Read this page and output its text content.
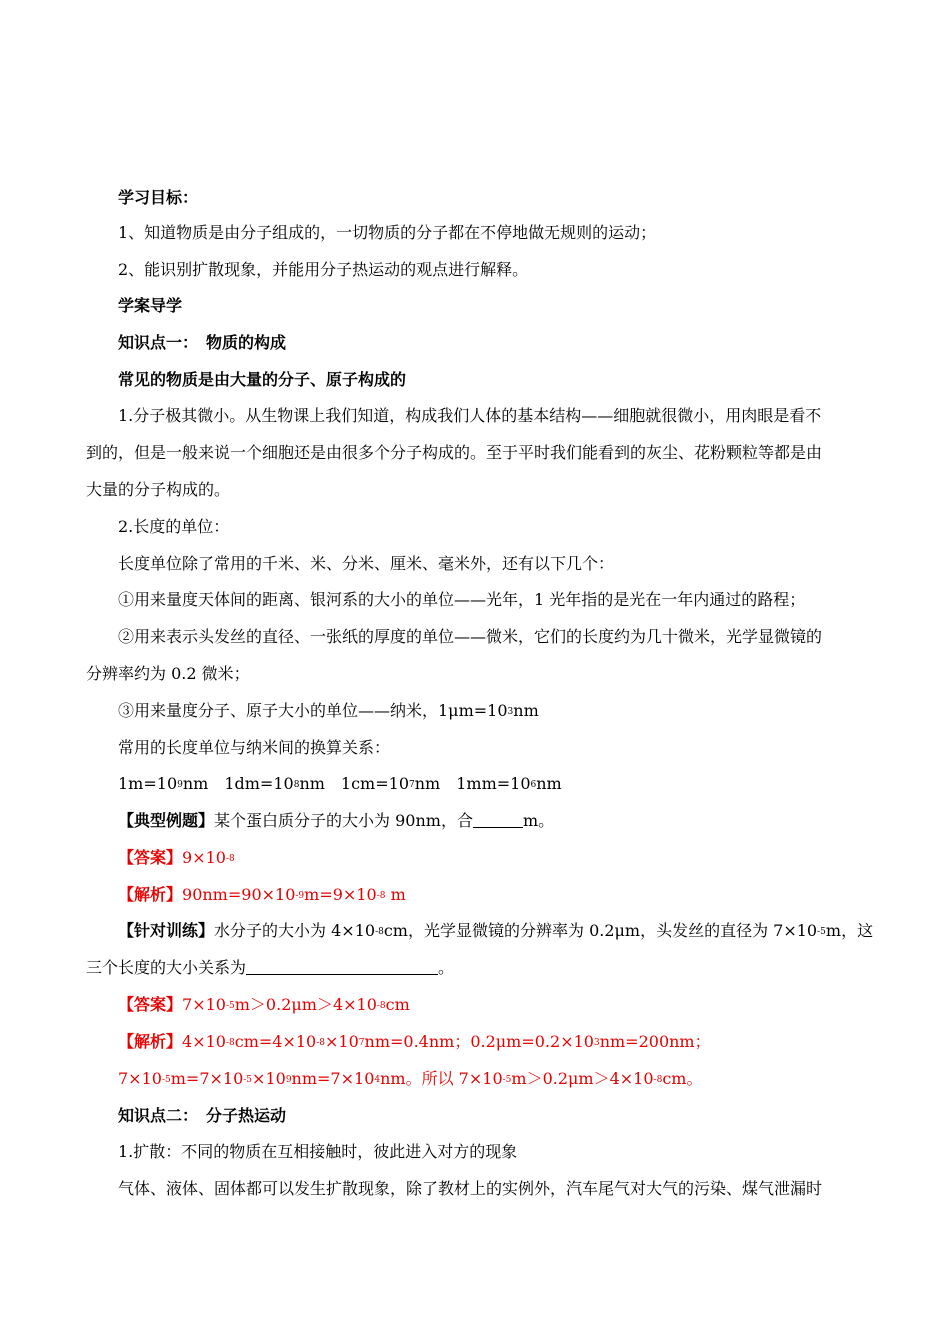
学习目标：
1、知道物质是由分子组成的，一切物质的分子都在不停地做无规则的运动；
2、能识别扩散现象，并能用分子热运动的观点进行解释。
学案导学
知识点一：　物质的构成
常见的物质是由大量的分子、原子构成的
1.分子极其微小。从生物课上我们知道，构成我们人体的基本结构——细胞就很微小，用肉眼是看不
到的，但是一般来说一个细胞还是由很多个分子构成的。至于平时我们能看到的灰尘、花粉颗粒等都是由
大量的分子构成的。
2.长度的单位：
长度单位除了常用的千米、米、分米、厘米、毫米外，还有以下几个：
①用来量度天体间的距离、银河系的大小的单位——光年，1 光年指的是光在一年内通过的路程；
②用来表示头发丝的直径、一张纸的厚度的单位——微米，它们的长度约为几十微米，光学显微镜的
分辨率约为 0.2 微米；
③用来量度分子、原子大小的单位——纳米，$1\mu m=10^3nm$
常用的长度单位与纳米间的换算关系：
$1m=10^9nm$　$1dm=10^8nm$　$1cm=10^7nm$　$1mm=10^6nm$
【典型例题】某个蛋白质分子的大小为 90nm，合	m。
【答案】$9\times 10^{-8}$
【解析】$90nm=90\times 10^{-9}m=9\times 10^{-8}$ m
【针对训练】水分子的大小为 $4\times 10^{-8}cm$，光学显微镜的分辨率为 0.2μm，头发丝的直径为 $7\times 10^{-5}m$，这
三个长度的大小关系为	。
【答案】$7\times 10^{-5}m>0.2\mu m>4\times 10^{-8}cm$
【解析】$4\times 10^{-8}cm=4\times 10^{-8}\times 10^7nm=0.4nm$；$0.2\mu m=0.2\times 10^3nm=200nm$；
$7\times 10^{-5}m=7\times 10^{-5}\times 10^9nm=7\times 10^4nm$。所以 $7\times 10^{-5}m>0.2\mu m>4\times 10^{-8}cm$。
知识点二：　分子热运动
1.扩散：不同的物质在互相接触时，彼此进入对方的现象
气体、液体、固体都可以发生扩散现象，除了教材上的实例外，汽车尾气对大气的污染、煤气泄漏时
